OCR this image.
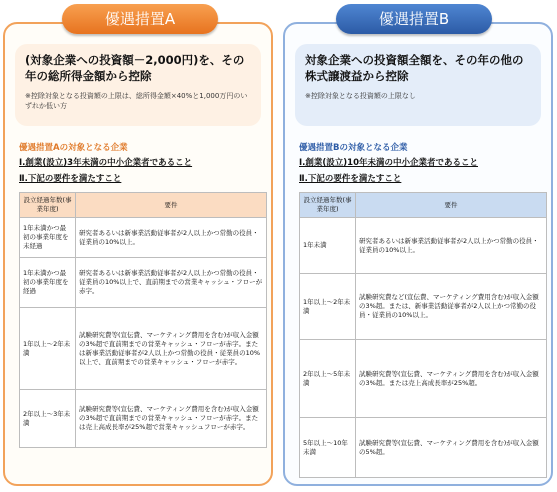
優遇措置A	優遇措置B
(対象企業への投資額－2,000円)を、その年の総所得金額から控除
※控除対象となる投資額の上限は、総所得金額×40%と1,000万円のいずれか低い方
優遇措置Aの対象となる企業
Ⅰ.創業(設立)3年未満の中小企業者であること
Ⅱ.下記の要件を満たすこと
設立経過年数(事業年度)	要件
1年未満かつ最初の事業年度を未経過	研究者あるいは新事業活動従事者が2人以上かつ常勤の役員・従業員の10%以上。
1年未満かつ最初の事業年度を経過	研究者あるいは新事業活動従事者が2人以上かつ常勤の役員・従業員の10%以上で、直前期までの営業キャッシュ・フローが赤字。
1年以上～2年未満	試験研究費等(宣伝費、マーケティング費用を含む)が収入金額の3%超で直前期までの営業キャッシュ・フローが赤字。または新事業活動従事者が2人以上かつ常勤の役員・従業員の10%以上で、直前期までの営業キャッシュ・フローが赤字。
2年以上～3年未満	試験研究費等(宣伝費、マーケティング費用を含む)が収入金額の3%超で直前期までの営業キャッシュ・フローが赤字。または売上高成長率が25%超で営業キャッシュフローが赤字。
対象企業への投資額全額を、その年の他の株式譲渡益から控除
※控除対象となる投資額の上限なし
優遇措置Bの対象となる企業
Ⅰ.創業(設立)10年未満の中小企業者であること
Ⅱ.下記の要件を満たすこと
設立経過年数(事業年度)	要件
1年未満	研究者あるいは新事業活動従事者が2人以上かつ常勤の役員・従業員の10%以上。
1年以上～2年未満	試験研究費など(宣伝費、マーケティング費用含む)が収入金額の3%超。または、新事業活動従事者が2人以上かつ常勤の役員・従業員の10%以上。
2年以上～5年未満	試験研究費等(宣伝費、マーケティング費用を含む)が収入金額の3%超。または売上高成長率が25%超。
5年以上～10年未満	試験研究費等(宣伝費、マーケティング費用を含む)が収入金額の5%超。
